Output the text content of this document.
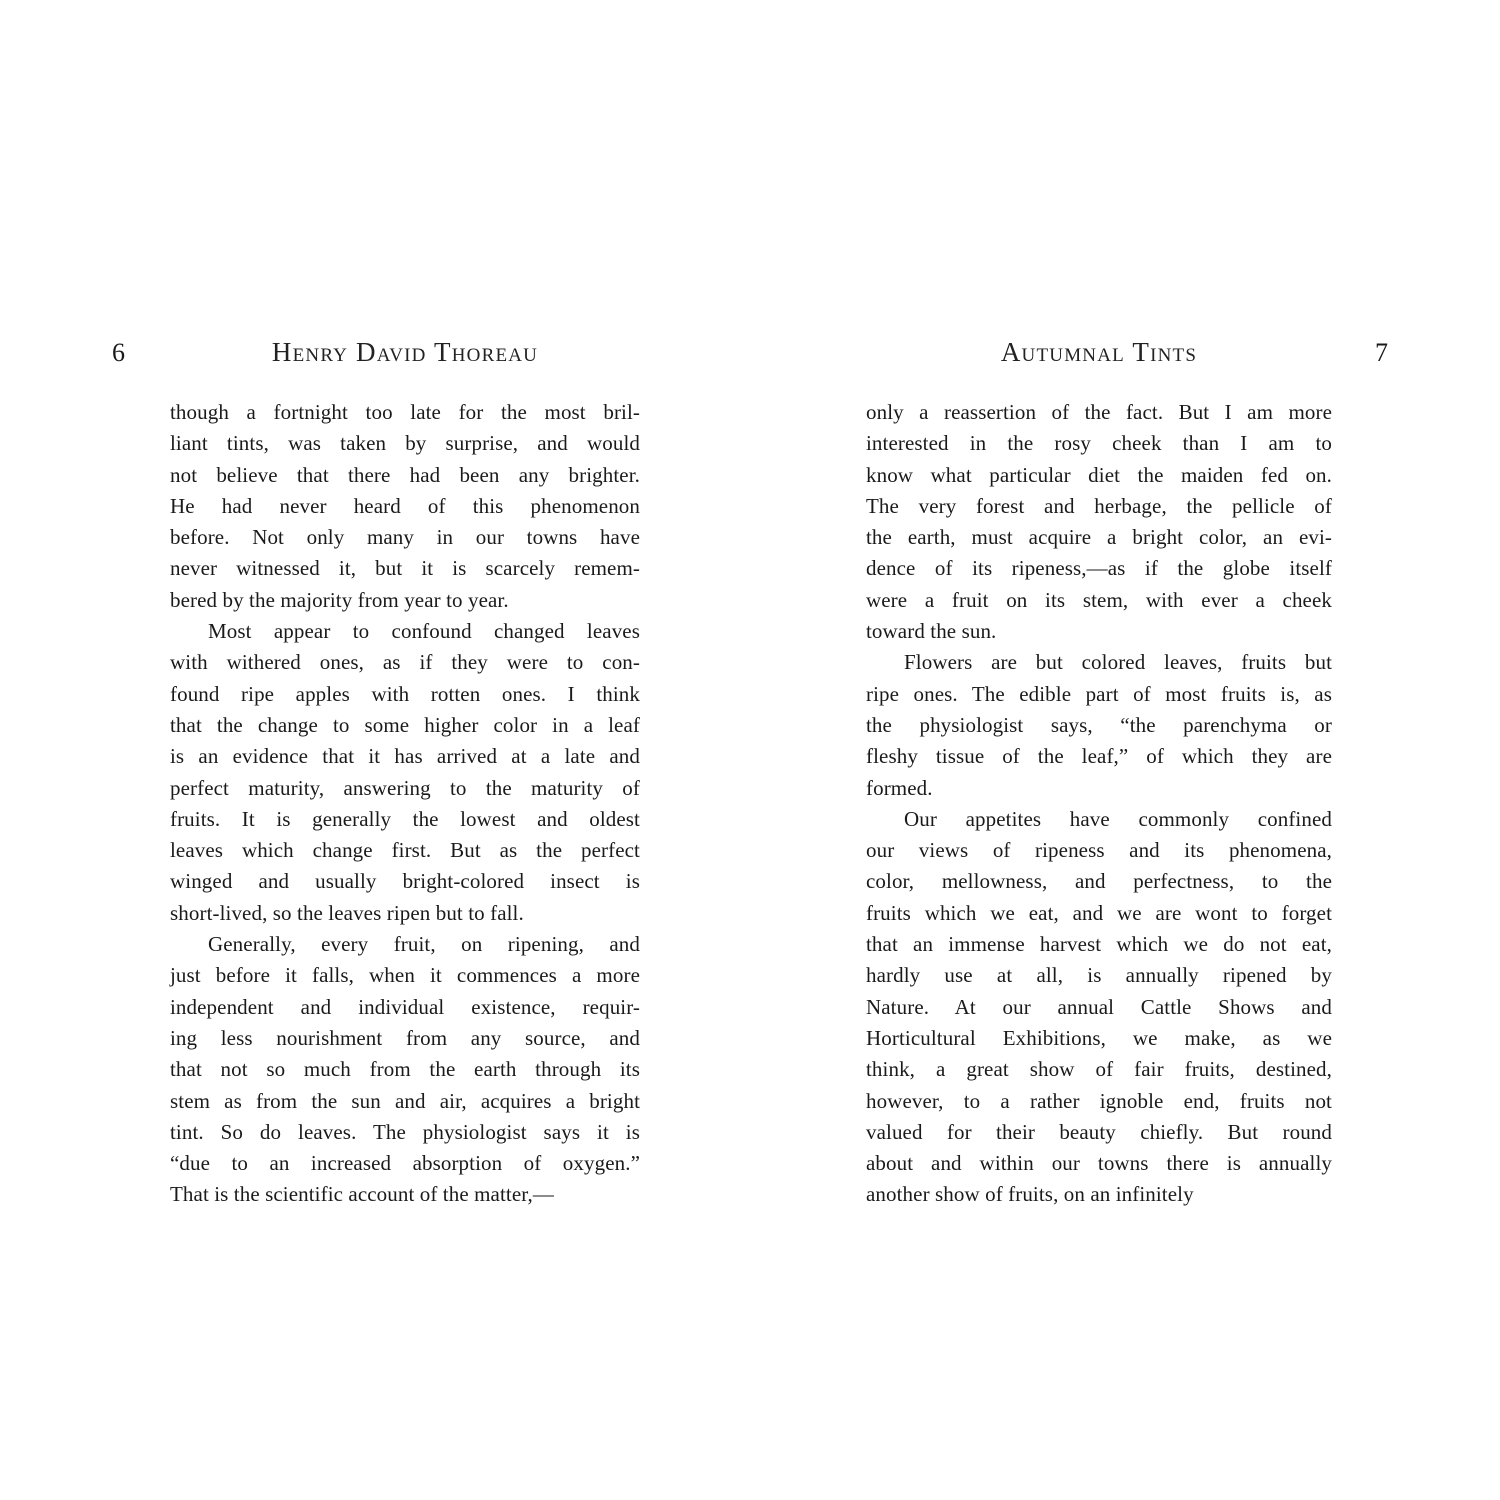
6	Henry David Thoreau
though a fortnight too late for the most bril-
liant tints, was taken by surprise, and would
not believe that there had been any brighter.
He had never heard of this phenomenon
before. Not only many in our towns have
never witnessed it, but it is scarcely remem-
bered by the majority from year to year.
Most appear to confound changed leaves
with withered ones, as if they were to con-
found ripe apples with rotten ones. I think
that the change to some higher color in a leaf
is an evidence that it has arrived at a late and
perfect maturity, answering to the maturity of
fruits. It is generally the lowest and oldest
leaves which change first. But as the perfect
winged and usually bright-colored insect is
short-lived, so the leaves ripen but to fall.
Generally, every fruit, on ripening, and
just before it falls, when it commences a more
independent and individual existence, requir-
ing less nourishment from any source, and
that not so much from the earth through its
stem as from the sun and air, acquires a bright
tint. So do leaves. The physiologist says it is
“due to an increased absorption of oxygen.”
That is the scientific account of the matter,—
7
Autumnal Tints
only a reassertion of the fact. But I am more
interested in the rosy cheek than I am to
know what particular diet the maiden fed on.
The very forest and herbage, the pellicle of
the earth, must acquire a bright color, an evi-
dence of its ripeness,—as if the globe itself
were a fruit on its stem, with ever a cheek
toward the sun.
Flowers are but colored leaves, fruits but
ripe ones. The edible part of most fruits is, as
the physiologist says, “the parenchyma or
fleshy tissue of the leaf,” of which they are
formed.
Our appetites have commonly confined
our views of ripeness and its phenomena,
color, mellowness, and perfectness, to the
fruits which we eat, and we are wont to forget
that an immense harvest which we do not eat,
hardly use at all, is annually ripened by
Nature. At our annual Cattle Shows and
Horticultural Exhibitions, we make, as we
think, a great show of fair fruits, destined,
however, to a rather ignoble end, fruits not
valued for their beauty chiefly. But round
about and within our towns there is annually
another show of fruits, on an infinitely
